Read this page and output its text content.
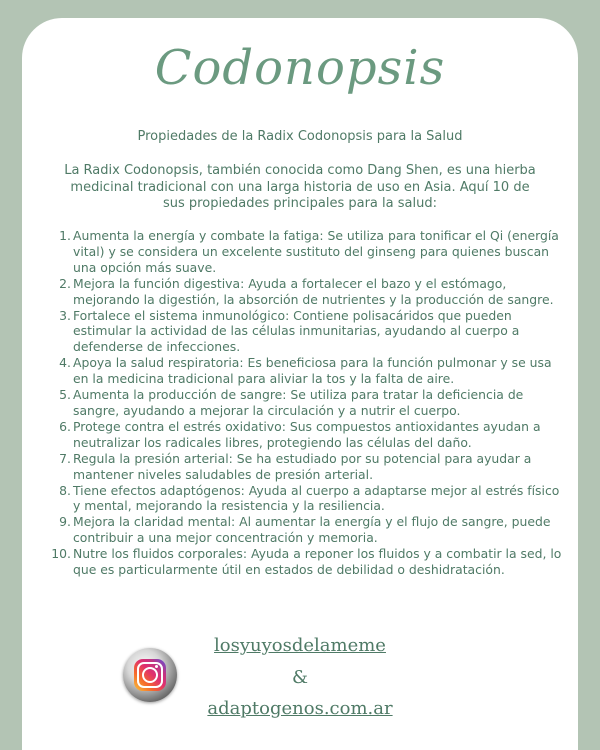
Codonopsis
Propiedades de la Radix Codonopsis para la Salud
La Radix Codonopsis, también conocida como Dang Shen, es una hierba medicinal tradicional con una larga historia de uso en Asia. Aquí 10 de sus propiedades principales para la salud:
1. Aumenta la energía y combate la fatiga: Se utiliza para tonificar el Qi (energía vital) y se considera un excelente sustituto del ginseng para quienes buscan una opción más suave.
2. Mejora la función digestiva: Ayuda a fortalecer el bazo y el estómago, mejorando la digestión, la absorción de nutrientes y la producción de sangre.
3. Fortalece el sistema inmunológico: Contiene polisacáridos que pueden estimular la actividad de las células inmunitarias, ayudando al cuerpo a defenderse de infecciones.
4. Apoya la salud respiratoria: Es beneficiosa para la función pulmonar y se usa en la medicina tradicional para aliviar la tos y la falta de aire.
5. Aumenta la producción de sangre: Se utiliza para tratar la deficiencia de sangre, ayudando a mejorar la circulación y a nutrir el cuerpo.
6. Protege contra el estrés oxidativo: Sus compuestos antioxidantes ayudan a neutralizar los radicales libres, protegiendo las células del daño.
7. Regula la presión arterial: Se ha estudiado por su potencial para ayudar a mantener niveles saludables de presión arterial.
8. Tiene efectos adaptógenos: Ayuda al cuerpo a adaptarse mejor al estrés físico y mental, mejorando la resistencia y la resiliencia.
9. Mejora la claridad mental: Al aumentar la energía y el flujo de sangre, puede contribuir a una mejor concentración y memoria.
10. Nutre los fluidos corporales: Ayuda a reponer los fluidos y a combatir la sed, lo que es particularmente útil en estados de debilidad o deshidratación.
losyuyosdelameme
&
adaptogenos.com.ar
